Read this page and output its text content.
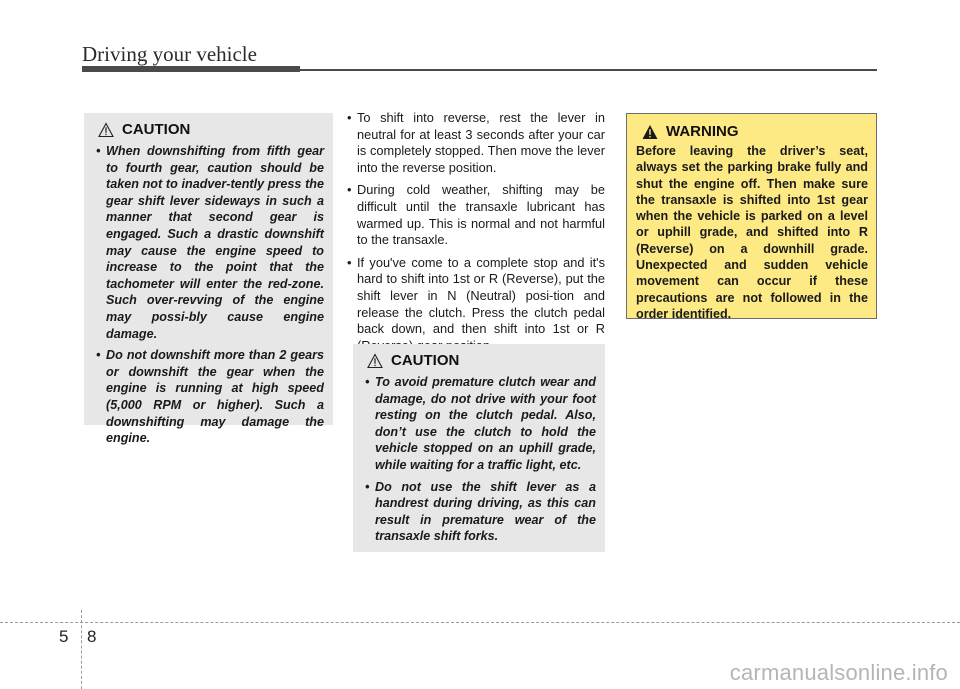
Driving your vehicle
CAUTION
• When downshifting from fifth gear to fourth gear, caution should be taken not to inadver-tently press the gear shift lever sideways in such a manner that second gear is engaged. Such a drastic downshift may cause the engine speed to increase to the point that the tachometer will enter the red-zone. Such over-revving of the engine may possi-bly cause engine damage.
• Do not downshift more than 2 gears or downshift the gear when the engine is running at high speed (5,000 RPM or higher). Such a downshifting may damage the engine.
• To shift into reverse, rest the lever in neutral for at least 3 seconds after your car is completely stopped. Then move the lever into the reverse position.
• During cold weather, shifting may be difficult until the transaxle lubricant has warmed up. This is normal and not harmful to the transaxle.
• If you've come to a complete stop and it's hard to shift into 1st or R (Reverse), put the shift lever in N (Neutral) posi-tion and release the clutch. Press the clutch pedal back down, and then shift into 1st or R
CAUTION
• To avoid premature clutch wear and damage, do not drive with your foot resting on the clutch pedal. Also, don’t use the clutch to hold the vehicle stopped on an uphill grade, while waiting for a traffic light, etc.
• Do not use the shift lever as a handrest during driving, as this can result in premature wear of the transaxle shift forks.
WARNING
Before leaving the driver’s seat, always set the parking brake fully and shut the engine off. Then make sure the transaxle is shifted into 1st gear when the vehicle is parked on a level or uphill grade, and shifted into R (Reverse) on a downhill grade. Unexpected and sudden vehicle movement can occur if these precautions are not followed in the order identified.
5 8
carmanualsonline.info
